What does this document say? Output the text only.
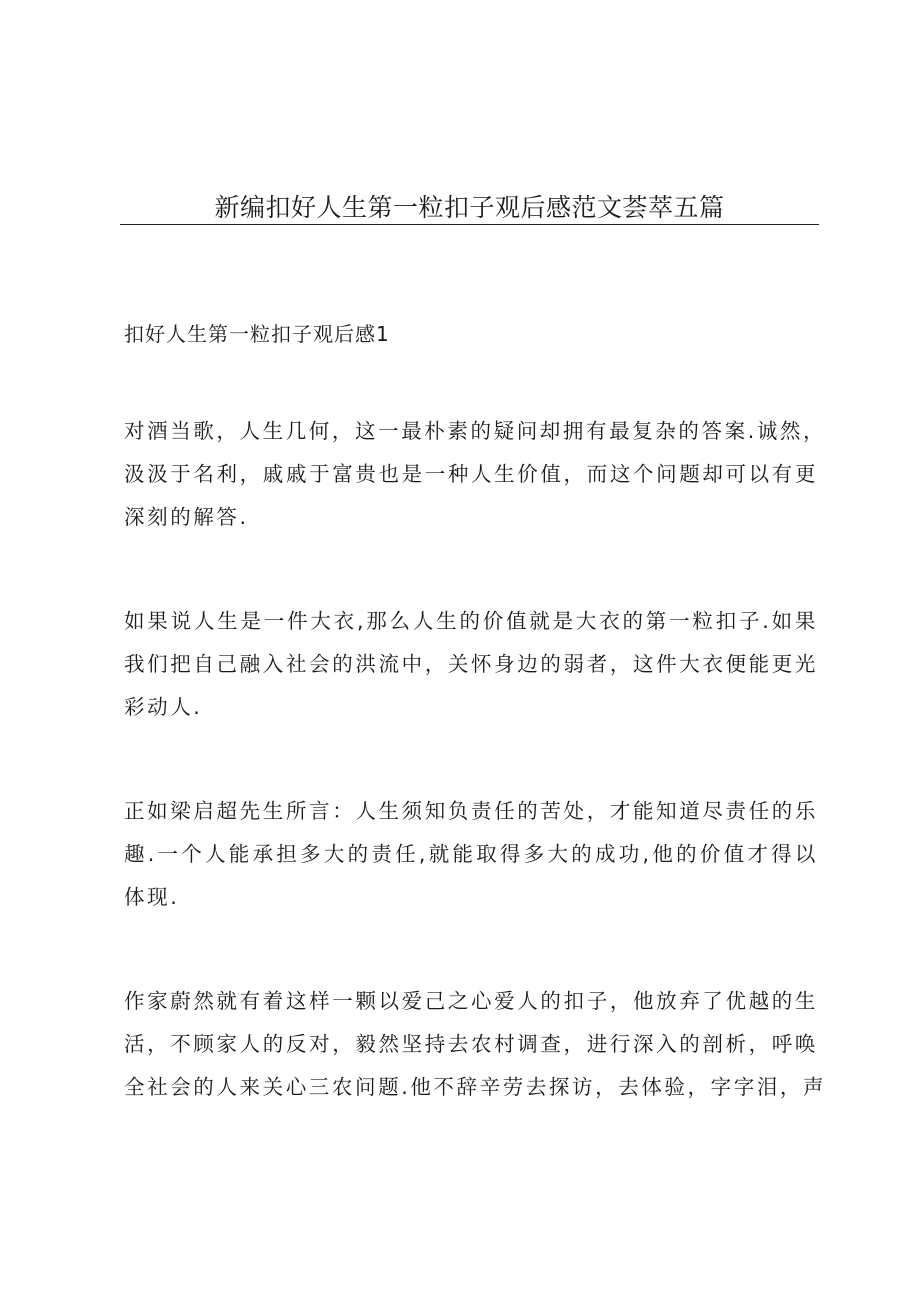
新编扣好人生第一粒扣子观后感范文荟萃五篇
扣好人生第一粒扣子观后感1

对酒当歌，人生几何，这一最朴素的疑问却拥有最复杂的答案.诚然，
汲汲于名利，戚戚于富贵也是一种人生价值，而这个问题却可以有更
深刻的解答.

如果说人生是一件大衣,那么人生的价值就是大衣的第一粒扣子.如果
我们把自己融入社会的洪流中，关怀身边的弱者，这件大衣便能更光
彩动人.

正如梁启超先生所言：人生须知负责任的苦处，才能知道尽责任的乐
趣.一个人能承担多大的责任,就能取得多大的成功,他的价值才得以
体现.

作家蔚然就有着这样一颗以爱己之心爱人的扣子，他放弃了优越的生
活，不顾家人的反对，毅然坚持去农村调查，进行深入的剖析，呼唤
全社会的人来关心三农问题.他不辞辛劳去探访，去体验，字字泪，声
